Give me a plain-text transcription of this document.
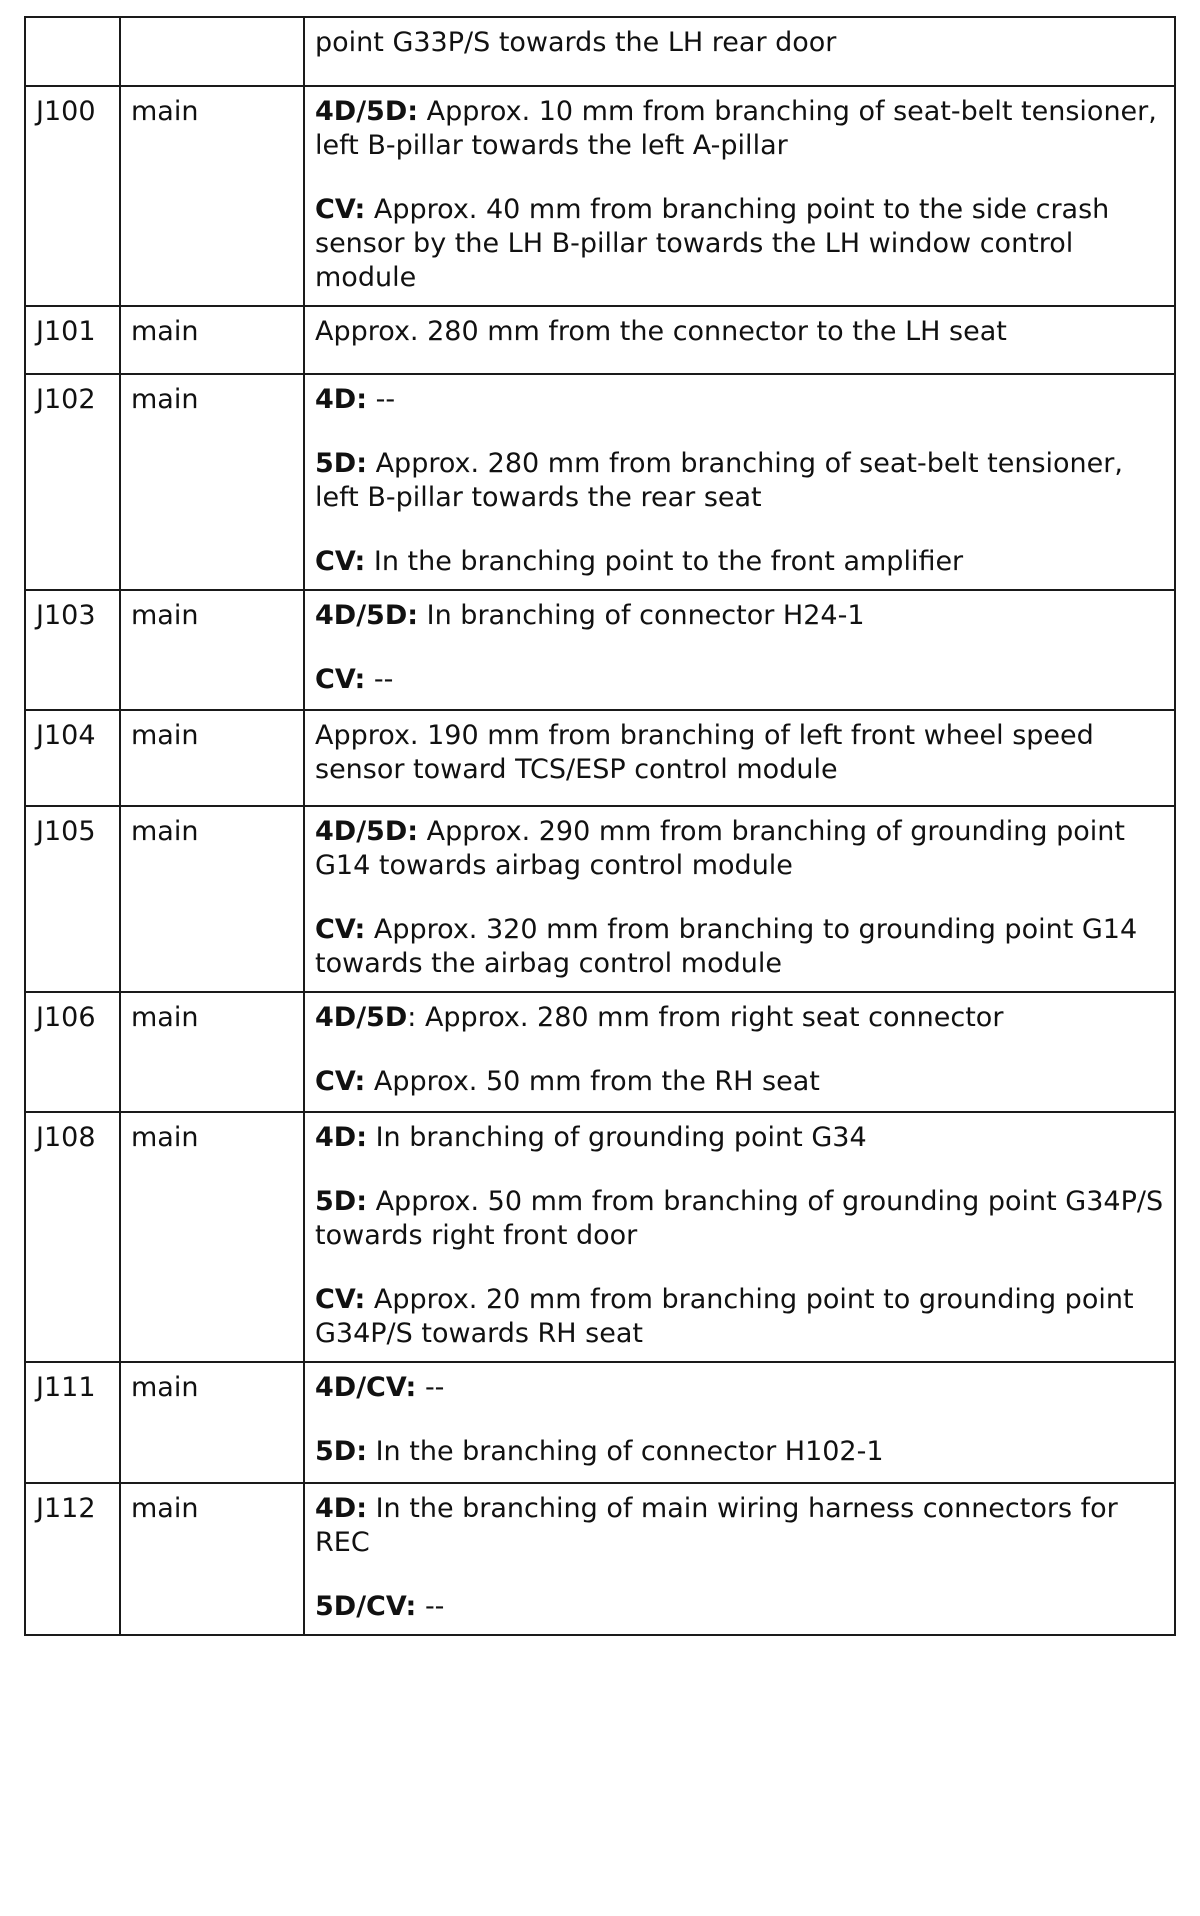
		point G33P/S towards the LH rear door

J100	main	4D/5D: Approx. 10 mm from branching of seat-belt tensioner, left B-pillar towards the left A-pillar

CV: Approx. 40 mm from branching point to the side crash sensor by the LH B-pillar towards the LH window control module

J101	main	Approx. 280 mm from the connector to the LH seat

J102	main	4D: --

5D: Approx. 280 mm from branching of seat-belt tensioner, left B-pillar towards the rear seat

CV: In the branching point to the front amplifier

J103	main	4D/5D: In branching of connector H24-1

CV: --

J104	main	Approx. 190 mm from branching of left front wheel speed sensor toward TCS/ESP control module

J105	main	4D/5D: Approx. 290 mm from branching of grounding point G14 towards airbag control module

CV: Approx. 320 mm from branching to grounding point G14 towards the airbag control module

J106	main	4D/5D: Approx. 280 mm from right seat connector

CV: Approx. 50 mm from the RH seat

J108	main	4D: In branching of grounding point G34

5D: Approx. 50 mm from branching of grounding point G34P/S towards right front door

CV: Approx. 20 mm from branching point to grounding point G34P/S towards RH seat

J111	main	4D/CV: --

5D: In the branching of connector H102-1

J112	main	4D: In the branching of main wiring harness connectors for REC

5D/CV: --
